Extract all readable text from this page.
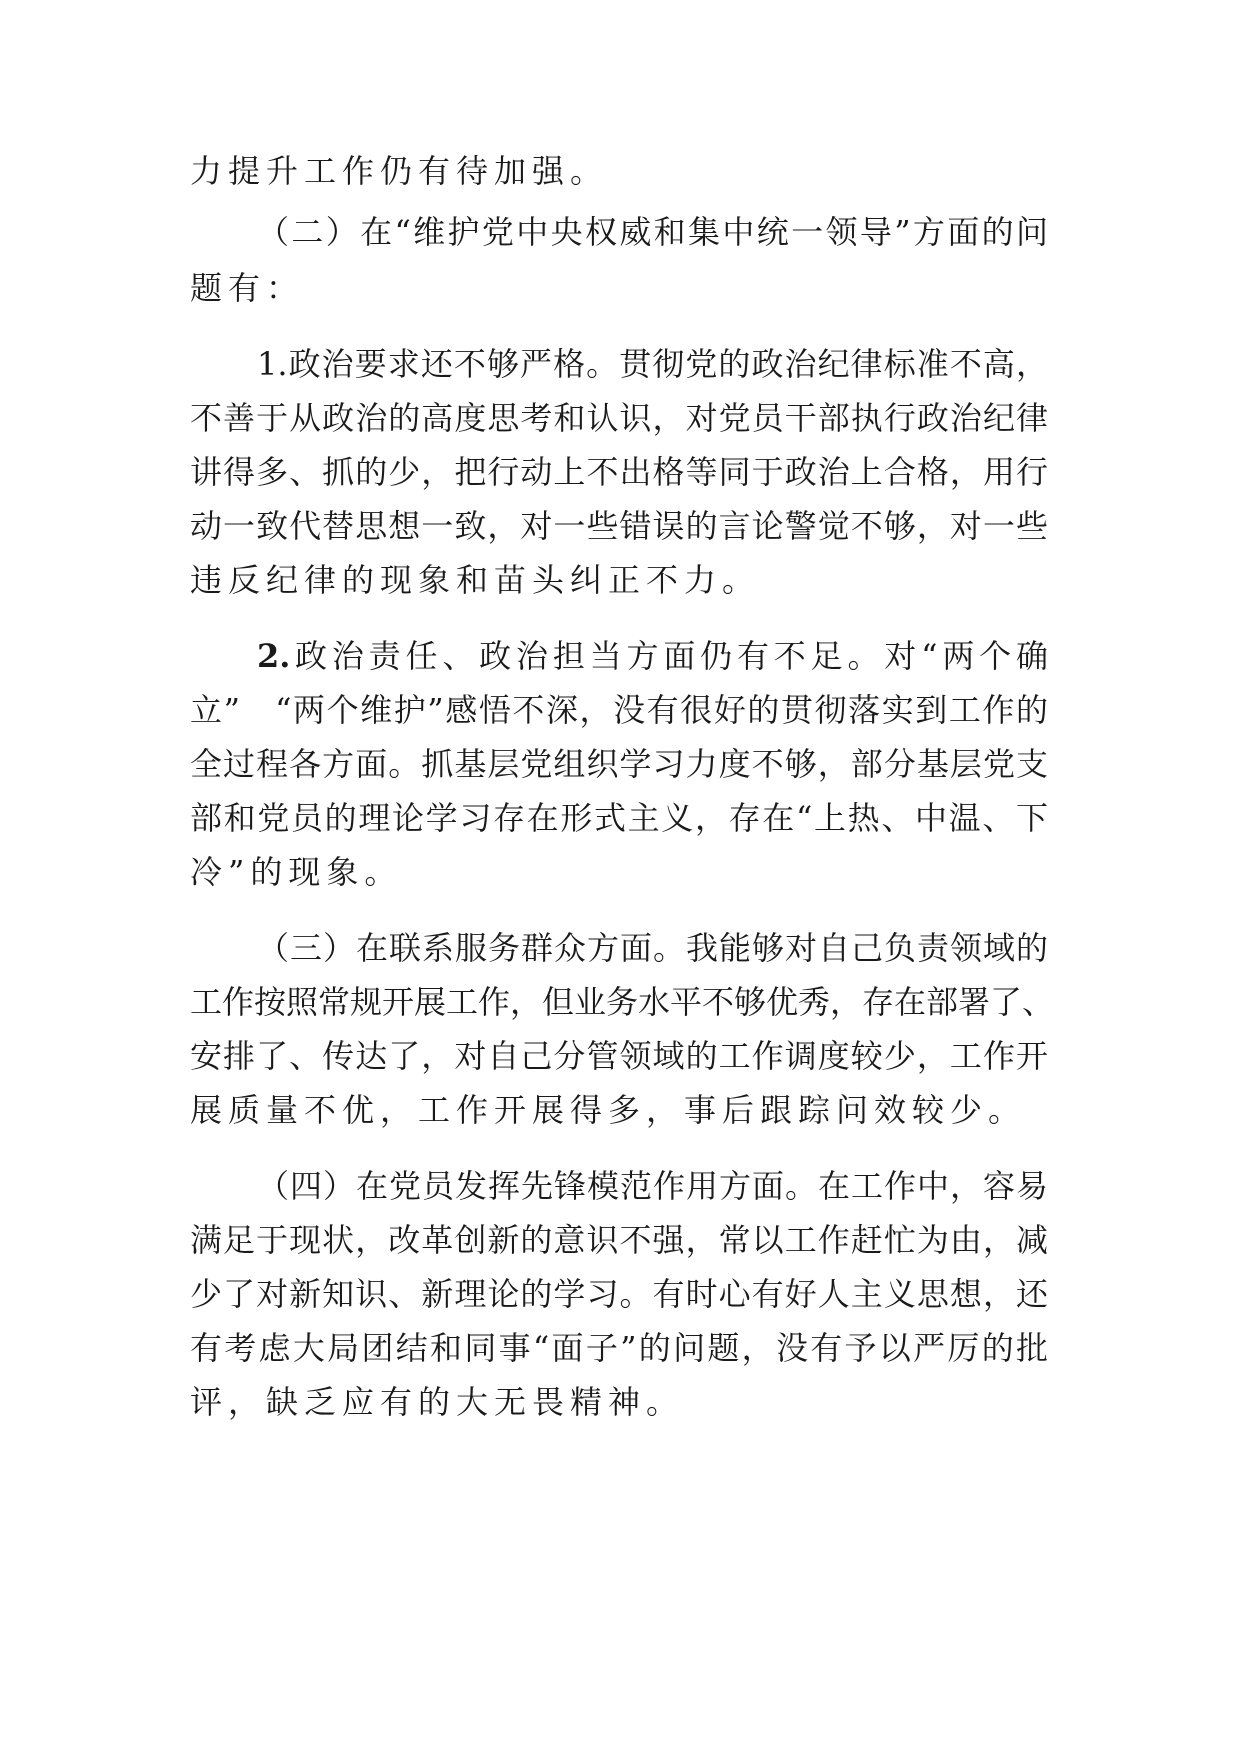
力提升工作仍有待加强。
（二）在“维护党中央权威和集中统一领导”方面的问
题有：
1.政治要求还不够严格。贯彻党的政治纪律标准不高，
不善于从政治的高度思考和认识，对党员干部执行政治纪律
讲得多、抓的少，把行动上不出格等同于政治上合格，用行
动一致代替思想一致，对一些错误的言论警觉不够，对一些
违反纪律的现象和苗头纠正不力。
2. 政治责任、政治担当方面仍有不足。对“两个确
立”　“两个维护”感悟不深，没有很好的贯彻落实到工作的
全过程各方面。抓基层党组织学习力度不够，部分基层党支
部和党员的理论学习存在形式主义，存在“上热、中温、下
冷”的现象。
（三）在联系服务群众方面。我能够对自己负责领域的
工作按照常规开展工作，但业务水平不够优秀，存在部署了、
安排了、传达了，对自己分管领域的工作调度较少，工作开
展质量不优，工作开展得多，事后跟踪问效较少。
（四）在党员发挥先锋模范作用方面。在工作中，容易
满足于现状，改革创新的意识不强，常以工作赶忙为由，减
少了对新知识、新理论的学习。有时心有好人主义思想，还
有考虑大局团结和同事“面子”的问题，没有予以严厉的批
评，缺乏应有的大无畏精神。
